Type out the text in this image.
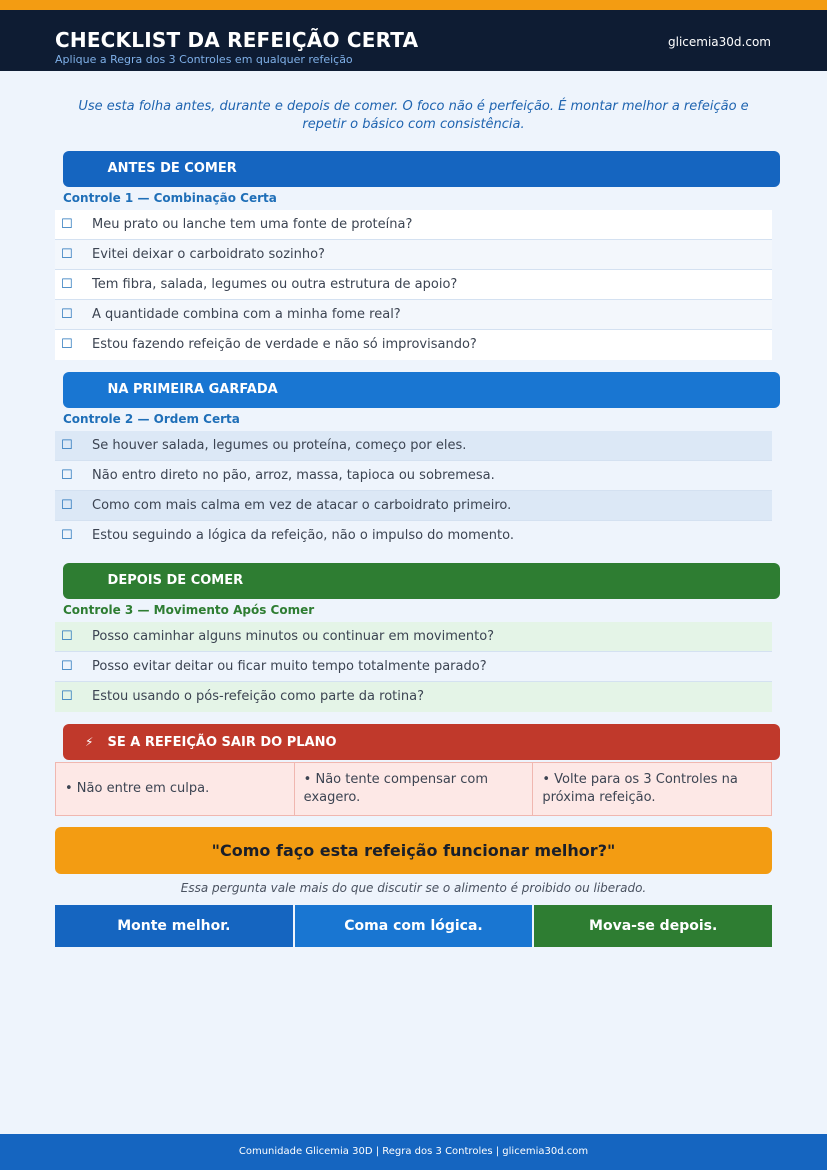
CHECKLIST DA REFEIÇÃO CERTA
Aplique a Regra dos 3 Controles em qualquer refeição
glicemia30d.com
Use esta folha antes, durante e depois de comer. O foco não é perfeição. É montar melhor a refeição e repetir o básico com consistência.
ANTES DE COMER
Controle 1 — Combinação Certa
☐ Meu prato ou lanche tem uma fonte de proteína?
☐ Evitei deixar o carboidrato sozinho?
☐ Tem fibra, salada, legumes ou outra estrutura de apoio?
☐ A quantidade combina com a minha fome real?
☐ Estou fazendo refeição de verdade e não só improvisando?
NA PRIMEIRA GARFADA
Controle 2 — Ordem Certa
☐ Se houver salada, legumes ou proteína, começo por eles.
☐ Não entro direto no pão, arroz, massa, tapioca ou sobremesa.
☐ Como com mais calma em vez de atacar o carboidrato primeiro.
☐ Estou seguindo a lógica da refeição, não o impulso do momento.
DEPOIS DE COMER
Controle 3 — Movimento Após Comer
☐ Posso caminhar alguns minutos ou continuar em movimento?
☐ Posso evitar deitar ou ficar muito tempo totalmente parado?
☐ Estou usando o pós-refeição como parte da rotina?
⚡ SE A REFEIÇÃO SAIR DO PLANO
• Não entre em culpa.
• Não tente compensar com exagero.
• Volte para os 3 Controles na próxima refeição.
"Como faço esta refeição funcionar melhor?"
Essa pergunta vale mais do que discutir se o alimento é proibido ou liberado.
Monte melhor.	Coma com lógica.	Mova-se depois.
Comunidade Glicemia 30D | Regra dos 3 Controles | glicemia30d.com
